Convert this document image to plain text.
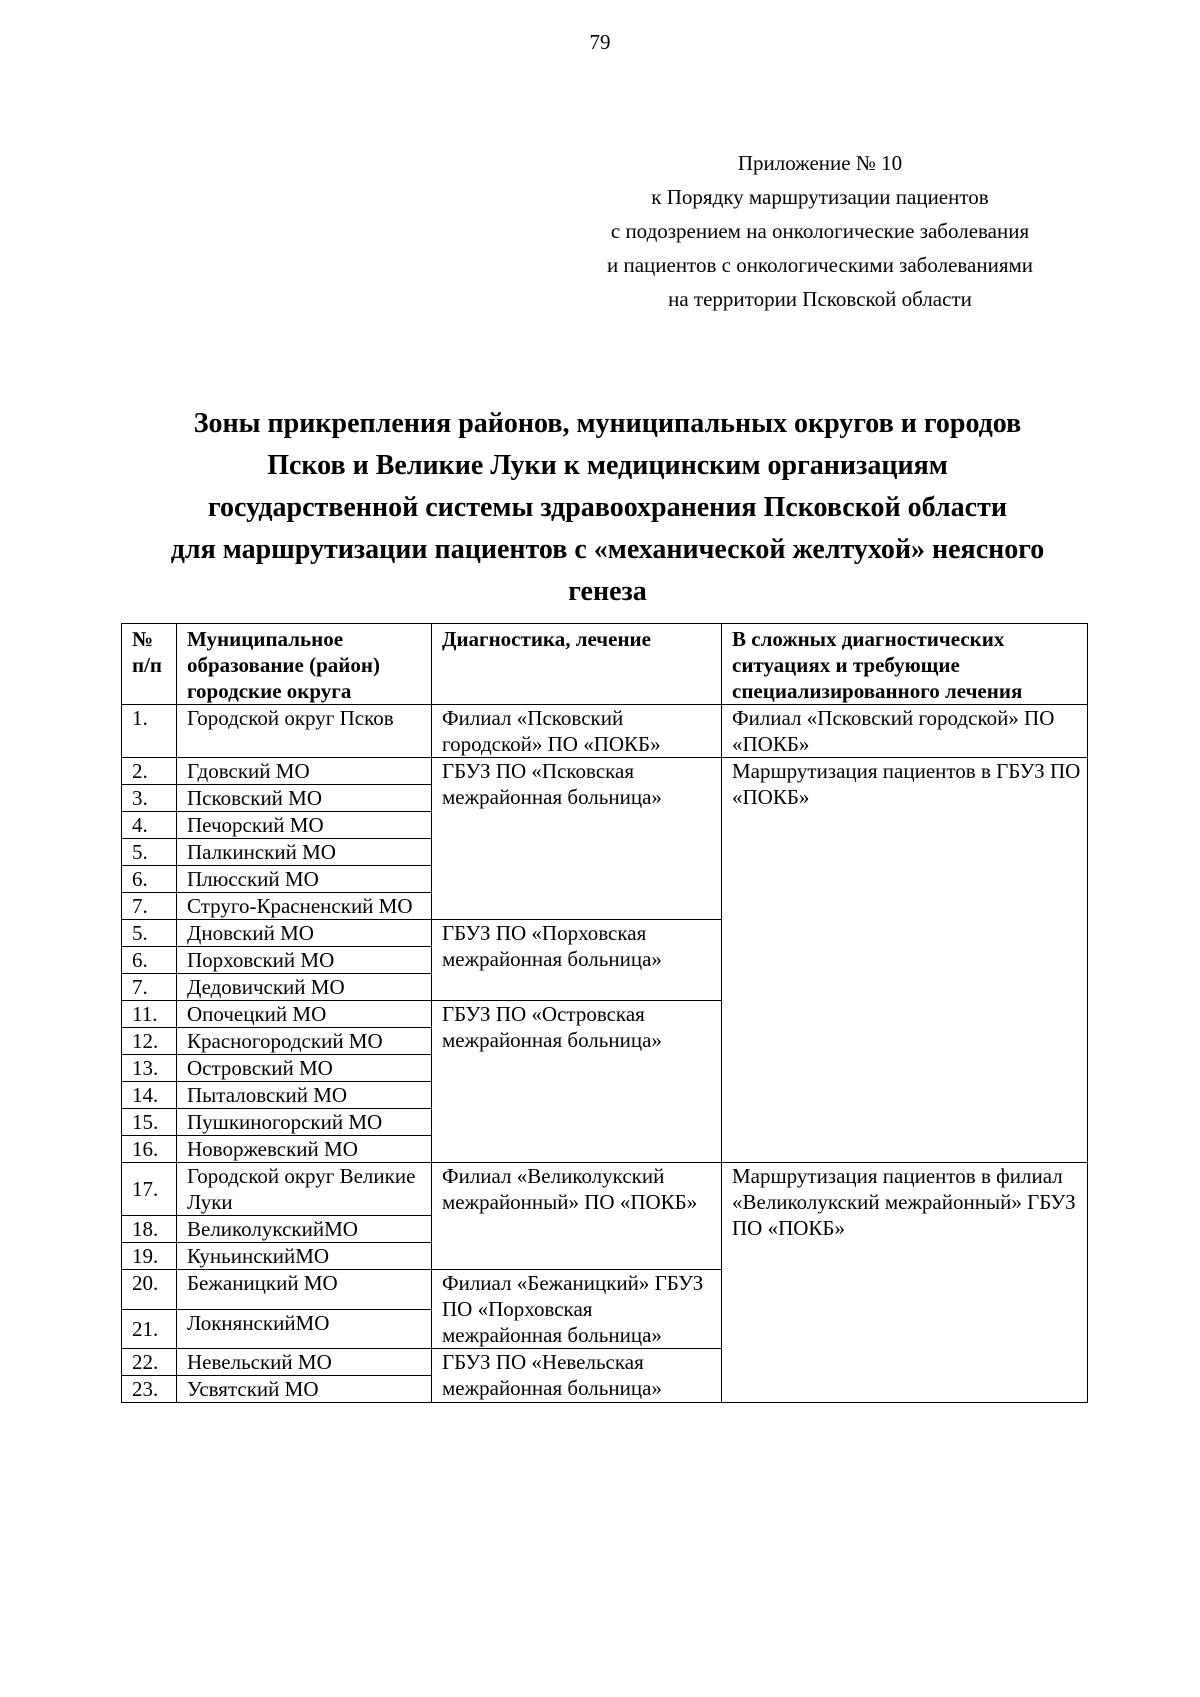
79
Приложение № 10
к Порядку маршрутизации пациентов
с подозрением на онкологические заболевания
и пациентов с онкологическими заболеваниями
на территории Псковской области
Зоны прикрепления районов, муниципальных округов и городов
Псков и Великие Луки к медицинским организациям
государственной системы здравоохранения Псковской области
для маршрутизации пациентов с «механической желтухой» неясного
генеза
№ п/п	Муниципальное образование (район) городские округа	Диагностика, лечение	В сложных диагностических ситуациях и требующие специализированного лечения
1.	Городской округ Псков	Филиал «Псковский городской» ПО «ПОКБ»	Филиал «Псковский городской» ПО «ПОКБ»
2.	Гдовский МО	ГБУЗ ПО «Псковская межрайонная больница»	Маршрутизация пациентов в ГБУЗ ПО «ПОКБ»
3.	Псковский МО		
4.	Печорский МО		
5.	Палкинский МО		
6.	Плюсский МО		
7.	Струго-Красненский МО		
5.	Дновский МО	ГБУЗ ПО «Порховская межрайонная больница»	
6.	Порховский МО		
7.	Дедовичский МО		
11.	Опочецкий МО	ГБУЗ ПО «Островская межрайонная больница»	
12.	Красногородский МО		
13.	Островский МО		
14.	Пыталовский МО		
15.	Пушкиногорский МО		
16.	Новоржевский МО		
17.	Городской округ Великие Луки	Филиал «Великолукский межрайонный» ПО «ПОКБ»	Маршрутизация пациентов в филиал «Великолукский межрайонный» ГБУЗ ПО «ПОКБ»
18.	ВеликолукскийМО		
19.	КуньинскийМО		
20.	Бежаницкий МО	Филиал «Бежаницкий» ГБУЗ ПО «Порховская межрайонная больница»	
21.	ЛокнянскийМО		
22.	Невельский МО	ГБУЗ ПО «Невельская межрайонная больница»	
23.	Усвятский МО		
